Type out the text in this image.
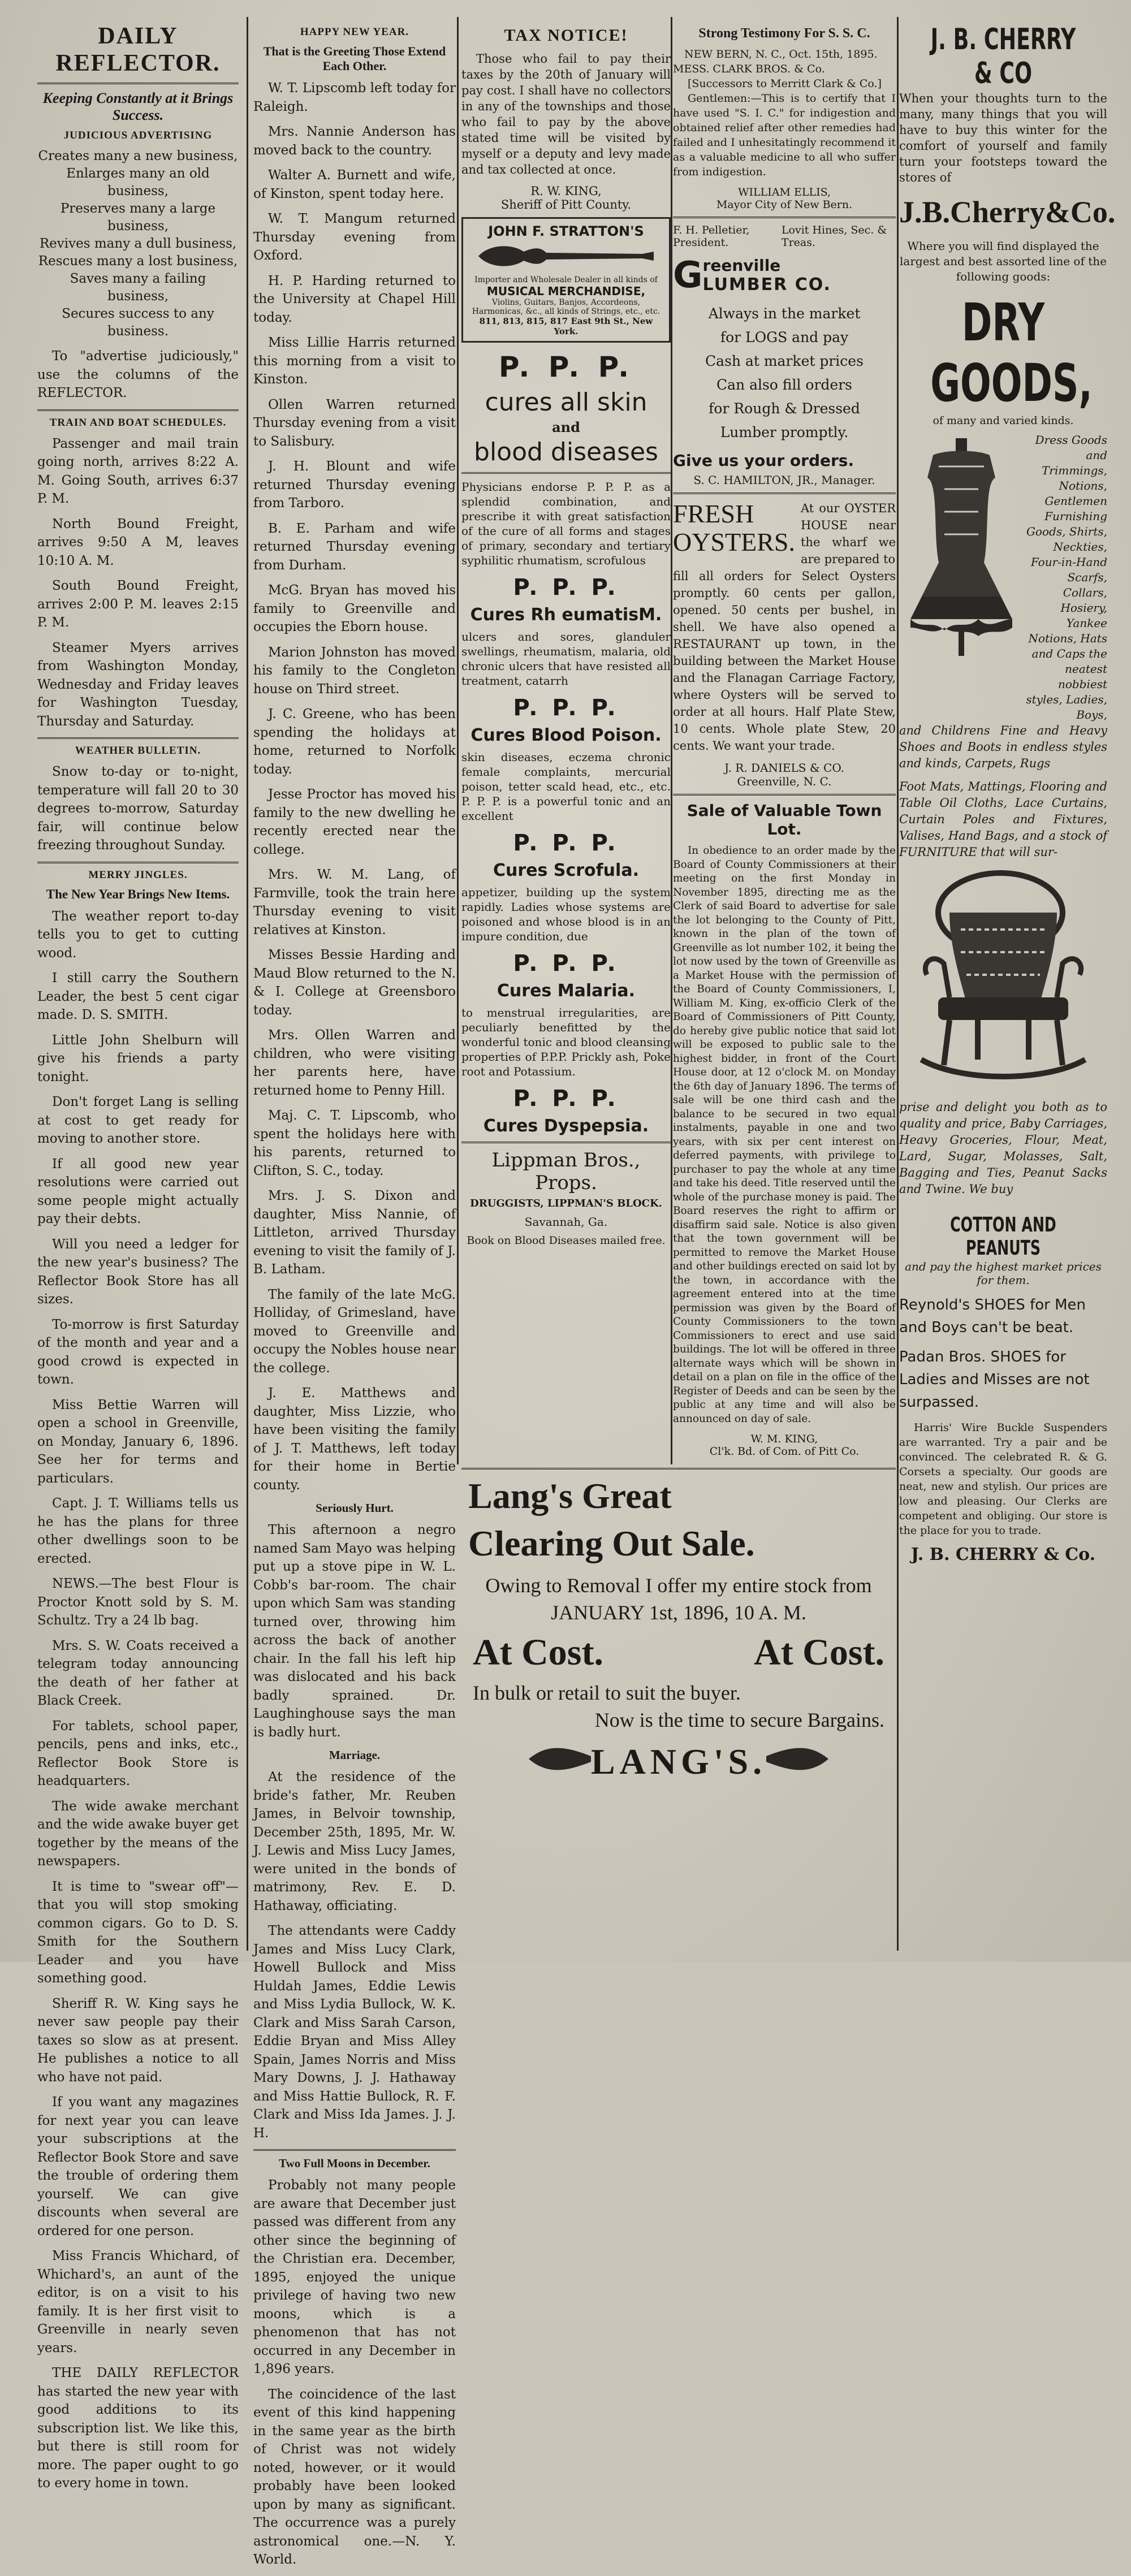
DAILY REFLECTOR.
Keeping Constantly at it Brings Success.
JUDICIOUS ADVERTISING
Creates many a new business,
Enlarges many an old business,
Preserves many a large business,
Revives many a dull business,
Rescues many a lost business,
Saves many a failing business,
Secures success to any business.

To "advertise judiciously," use the columns of the REFLECTOR.

TRAIN AND BOAT SCHEDULES.

Passenger and mail train going north, arrives 8:22 A. M. Going South, arrives 6:37 P. M.

North Bound Freight, arrives 9:50 A M, leaves 10:10 A. M.

South Bound Freight, arrives 2:00 P. M. leaves 2:15 P. M.

Steamer Myers arrives from Washington Monday, Wednesday and Friday leaves for Washington Tuesday, Thursday and Saturday.

WEATHER BULLETIN.

Snow to-day or to-night, temperature will fall 20 to 30 degrees to-morrow, Saturday fair, will continue below freezing throughout Sunday.

MERRY JINGLES.
The New Year Brings New Items.

The weather report to-day tells you to get to cutting wood.

I still carry the Southern Leader, the best 5 cent cigar made. D. S. SMITH.

Little John Shelburn will give his friends a party tonight.

Don't forget Lang is selling at cost to get ready for moving to another store.

If all good new year resolutions were carried out some people might actually pay their debts.

Will you need a ledger for the new year's business? The Reflector Book Store has all sizes.

To-morrow is first Saturday of the month and year and a good crowd is expected in town.

Miss Bettie Warren will open a school in Greenville, on Monday, January 6, 1896. See her for terms and particulars.

Capt. J. T. Williams tells us he has the plans for three other dwellings soon to be erected.

NEWS.—The best Flour is Proctor Knott sold by S. M. Schultz. Try a 24 lb bag.

Mrs. S. W. Coats received a telegram today announcing the death of her father at Black Creek.

For tablets, school paper, pencils, pens and inks, etc., Reflector Book Store is headquarters.

The wide awake merchant and the wide awake buyer get together by the means of the newspapers.

It is time to "swear off"—that you will stop smoking common cigars. Go to D. S. Smith for the Southern Leader and you have something good.

Sheriff R. W. King says he never saw people pay their taxes so slow as at present. He publishes a notice to all who have not paid.

If you want any magazines for next year you can leave your subscriptions at the Reflector Book Store and save the trouble of ordering them yourself. We can give discounts when several are ordered for one person.

Miss Francis Whichard, of Whichard's, an aunt of the editor, is on a visit to his family. It is her first visit to Greenville in nearly seven years.

THE DAILY REFLECTOR has started the new year with good additions to its subscription list. We like this, but there is still room for more. The paper ought to go to every home in town.

HAPPY NEW YEAR.
That is the Greeting Those Extend Each Other.

W. T. Lipscomb left today for Raleigh.

Mrs. Nannie Anderson has moved back to the country.

Walter A. Burnett and wife, of Kinston, spent today here.

W. T. Mangum returned Thursday evening from Oxford.

H. P. Harding returned to the University at Chapel Hill today.

Miss Lillie Harris returned this morning from a visit to Kinston.

Ollen Warren returned Thursday evening from a visit to Salisbury.

J. H. Blount and wife returned Thursday evening from Tarboro.

B. E. Parham and wife returned Thursday evening from Durham.

McG. Bryan has moved his family to Greenville and occupies the Eborn house.

Marion Johnston has moved his family to the Congleton house on Third street.

J. C. Greene, who has been spending the holidays at home, returned to Norfolk today.

Jesse Proctor has moved his family to the new dwelling he recently erected near the college.

Mrs. W. M. Lang, of Farmville, took the train here Thursday evening to visit relatives at Kinston.

Misses Bessie Harding and Maud Blow returned to the N. & I. College at Greensboro today.

Mrs. Ollen Warren and children, who were visiting her parents here, have returned home to Penny Hill.

Maj. C. T. Lipscomb, who spent the holidays here with his parents, returned to Clifton, S. C., today.

Mrs. J. S. Dixon and daughter, Miss Nannie, of Littleton, arrived Thursday evening to visit the family of J. B. Latham.

The family of the late McG. Holliday, of Grimesland, have moved to Greenville and occupy the Nobles house near the college.

J. E. Matthews and daughter, Miss Lizzie, who have been visiting the family of J. T. Matthews, left today for their home in Bertie county.

Seriously Hurt.

This afternoon a negro named Sam Mayo was helping put up a stove pipe in W. L. Cobb's bar-room. The chair upon which Sam was standing turned over, throwing him across the back of another chair. In the fall his left hip was dislocated and his back badly sprained. Dr. Laughinghouse says the man is badly hurt.

Marriage.

At the residence of the bride's father, Mr. Reuben James, in Belvoir township, December 25th, 1895, Mr. W. J. Lewis and Miss Lucy James, were united in the bonds of matrimony, Rev. E. D. Hathaway, officiating.

The attendants were Caddy James and Miss Lucy Clark, Howell Bullock and Miss Huldah James, Eddie Lewis and Miss Lydia Bullock, W. K. Clark and Miss Sarah Carson, Eddie Bryan and Miss Alley Spain, James Norris and Miss Mary Downs, J. J. Hathaway and Miss Hattie Bullock, R. F. Clark and Miss Ida James. J. J. H.

Two Full Moons in December.

Probably not many people are aware that December just passed was different from any other since the beginning of the Christian era. December, 1895, enjoyed the unique privilege of having two new moons, which is a phenomenon that has not occurred in any December in 1,896 years.

The coincidence of the last event of this kind happening in the same year as the birth of Christ was not widely noted, however, or it would probably have been looked upon by many as significant. The occurrence was a purely astronomical one.—N. Y. World.

TAX NOTICE!

Those who fail to pay their taxes by the 20th of January will pay cost. I shall have no collectors in any of the townships and those who fail to pay by the above stated time will be visited by myself or a deputy and levy made and tax collected at once.

R. W. KING,
Sheriff of Pitt County.
JOHN F. STRATTON'S
Importer and Wholesale Dealer in all kinds of
MUSICAL MERCHANDISE,
Violins, Guitars, Banjos, Accordeons, Harmonicas, &c., all kinds of Strings, etc., etc.
811, 813, 815, 817 East 9th St., New York.
P. P. P.
cures all skin
and
blood diseases

Physicians endorse P. P. P. as a splendid combination, and prescribe it with great satisfaction of the cure of all forms and stages of primary, secondary and tertiary syphilitic rhumatism, scrofulous

P. P. P.
Cures Rh eumatisM.

ulcers and sores, glanduler swellings, rheumatism, malaria, old chronic ulcers that have resisted all treatment, catarrh

P. P. P.
Cures Blood Poison.

skin diseases, eczema chronic female complaints, mercurial poison, tetter scald head, etc., etc. P. P. P. is a powerful tonic and an excellent

P. P. P.
Cures Scrofula.

appetizer, building up the system rapidly. Ladies whose systems are poisoned and whose blood is in an impure condition, due

P. P. P.
Cures Malaria.

to menstrual irregularities, are peculiarly benefitted by the wonderful tonic and blood cleansing properties of P.P.P. Prickly ash, Poke root and Potassium.

P. P. P.
Cures Dyspepsia.
Lippman Bros., Props.
DRUGGISTS, LIPPMAN'S BLOCK.
Savannah, Ga.
Book on Blood Diseases mailed free.
Strong Testimony For S. S. C.
NEW BERN, N. C., Oct. 15th, 1895.
MESS. CLARK BROS. & Co.
[Successors to Merritt Clark & Co.]

Gentlemen:—This is to certify that I have used "S. I. C." for indigestion and obtained relief after other remedies had failed and I unhesitatingly recommend it as a valuable medicine to all who suffer from indigestion.

WILLIAM ELLIS,
Mayor City of New Bern.
F. H. Pelletier, President.
Lovit Hines, Sec. & Treas.
G reenville
LUMBER CO.
Always in the market
for LOGS and pay
Cash at market prices
Can also fill orders
for Rough & Dressed
Lumber promptly.
Give us your orders.
S. C. HAMILTON, JR., Manager.
FRESH
OYSTERS.
At our OYSTER HOUSE near the wharf we are prepared to

fill all orders for Select Oysters promptly. 60 cents per gallon, opened. 50 cents per bushel, in shell. We have also opened a RESTAURANT up town, in the building between the Market House and the Flanagan Carriage Factory, where Oysters will be served to order at all hours. Half Plate Stew, 10 cents. Whole plate Stew, 20 cents. We want your trade.

J. R. DANIELS & CO.
Greenville, N. C.
Sale of Valuable Town Lot.

In obedience to an order made by the Board of County Commissioners at their meeting on the first Monday in November 1895, directing me as the Clerk of said Board to advertise for sale the lot belonging to the County of Pitt, known in the plan of the town of Greenville as lot number 102, it being the lot now used by the town of Greenville as a Market House with the permission of the Board of County Commissioners, I, William M. King, ex-officio Clerk of the Board of Commissioners of Pitt County, do hereby give public notice that said lot will be exposed to public sale to the highest bidder, in front of the Court House door, at 12 o'clock M. on Monday the 6th day of January 1896. The terms of sale will be one third cash and the balance to be secured in two equal instalments, payable in one and two years, with six per cent interest on deferred payments, with privilege to purchaser to pay the whole at any time and take his deed. Title reserved until the whole of the purchase money is paid. The Board reserves the right to affirm or disaffirm said sale. Notice is also given that the town government will be permitted to remove the Market House and other buildings erected on said lot by the town, in accordance with the agreement entered into at the time permission was given by the Board of County Commissioners to the town Commissioners to erect and use said buildings. The lot will be offered in three alternate ways which will be shown in detail on a plan on file in the office of the Register of Deeds and can be seen by the public at any time and will also be announced on day of sale.

W. M. KING,
Cl'k. Bd. of Com. of Pitt Co.
J. B. CHERRY & CO

When your thoughts turn to the many, many things that you will have to buy this winter for the comfort of yourself and family turn your footsteps toward the stores of

J.B.Cherry&Co.

Where you will find displayed the largest and best assorted line of the following goods:

DRY GOODS,
of many and varied kinds.
Dress Goods and Trimmings, Notions, Gentlemen Furnishing Goods, Shirts, Neckties, Four-in-Hand Scarfs, Collars, Hosiery, Yankee Notions, Hats and Caps the neatest nobbiest styles, Ladies, Boys,

and Childrens Fine and Heavy Shoes and Boots in endless styles and kinds, Carpets, Rugs

Foot Mats, Mattings, Flooring and Table Oil Cloths, Lace Curtains, Curtain Poles and Fixtures, Valises, Hand Bags, and a stock of FURNITURE that will sur-

prise and delight you both as to quality and price, Baby Carriages, Heavy Groceries, Flour, Meat, Lard, Sugar, Molasses, Salt, Bagging and Ties, Peanut Sacks and Twine. We buy

COTTON AND PEANUTS
and pay the highest market prices for them.

Reynold's SHOES for Men and Boys can't be beat.

Padan Bros. SHOES for Ladies and Misses are not surpassed.

Harris' Wire Buckle Suspenders are warranted. Try a pair and be convinced. The celebrated R. & G. Corsets a specialty. Our goods are neat, new and stylish. Our prices are low and pleasing. Our Clerks are competent and obliging. Our store is the place for you to trade.

J. B. CHERRY & Co.
Lang's Great
Clearing Out Sale.
Owing to Removal I offer my entire stock from
JANUARY 1st, 1896, 10 A. M.
At Cost.	At Cost.
In bulk or retail to suit the buyer.
Now is the time to secure Bargains.
LANG'S.
